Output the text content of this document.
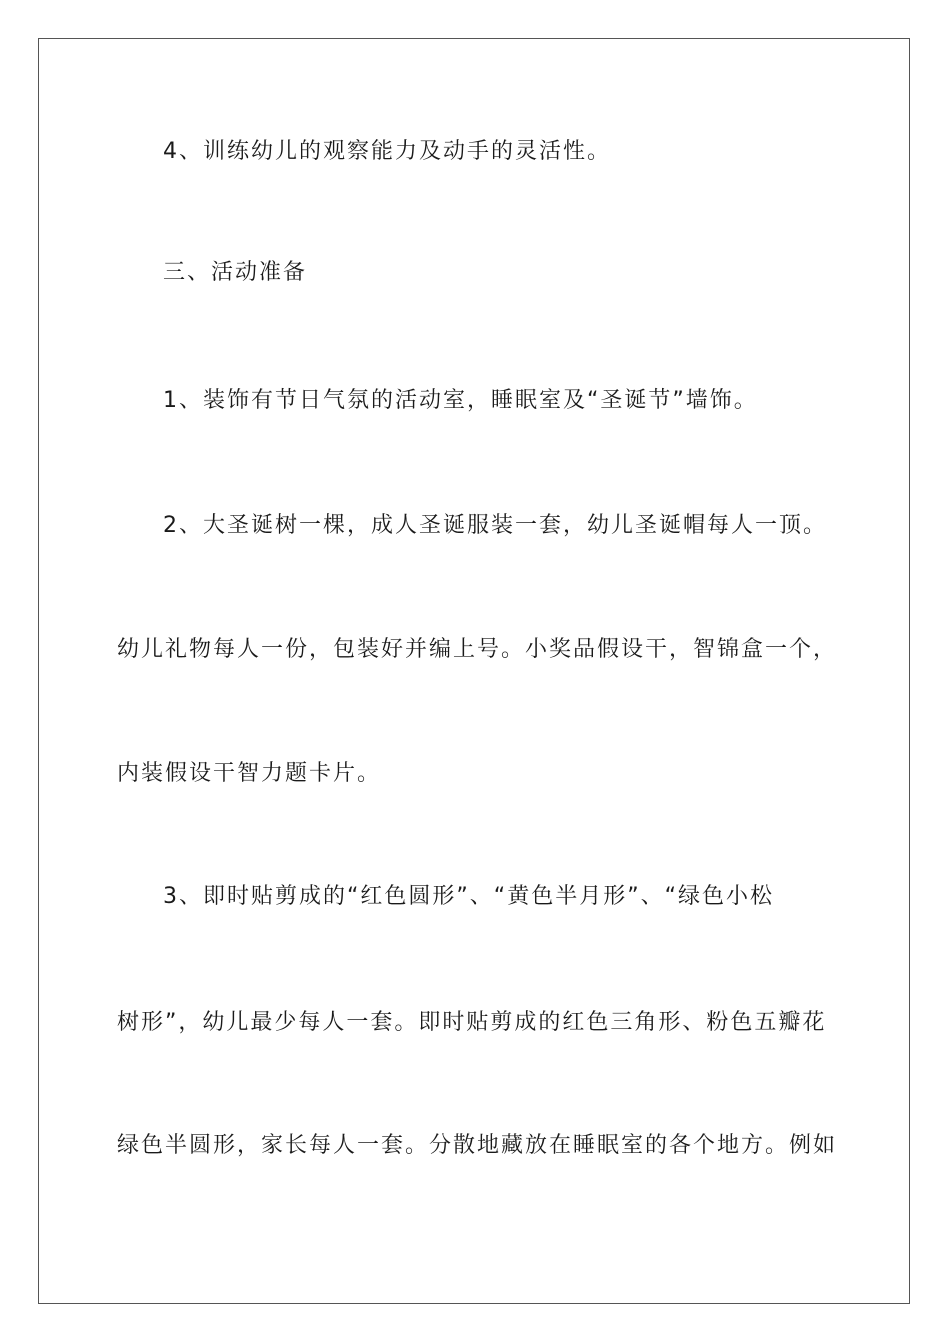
4、训练幼儿的观察能力及动手的灵活性。
三、活动准备
1、装饰有节日气氛的活动室，睡眠室及“圣诞节”墙饰。
2、大圣诞树一棵，成人圣诞服装一套，幼儿圣诞帽每人一顶。
幼儿礼物每人一份，包装好并编上号。小奖品假设干，智锦盒一个，
内装假设干智力题卡片。
3、即时贴剪成的“红色圆形”、“黄色半月形”、“绿色小松
树形”，幼儿最少每人一套。即时贴剪成的红色三角形、粉色五瓣花
绿色半圆形，家长每人一套。分散地藏放在睡眠室的各个地方。例如
